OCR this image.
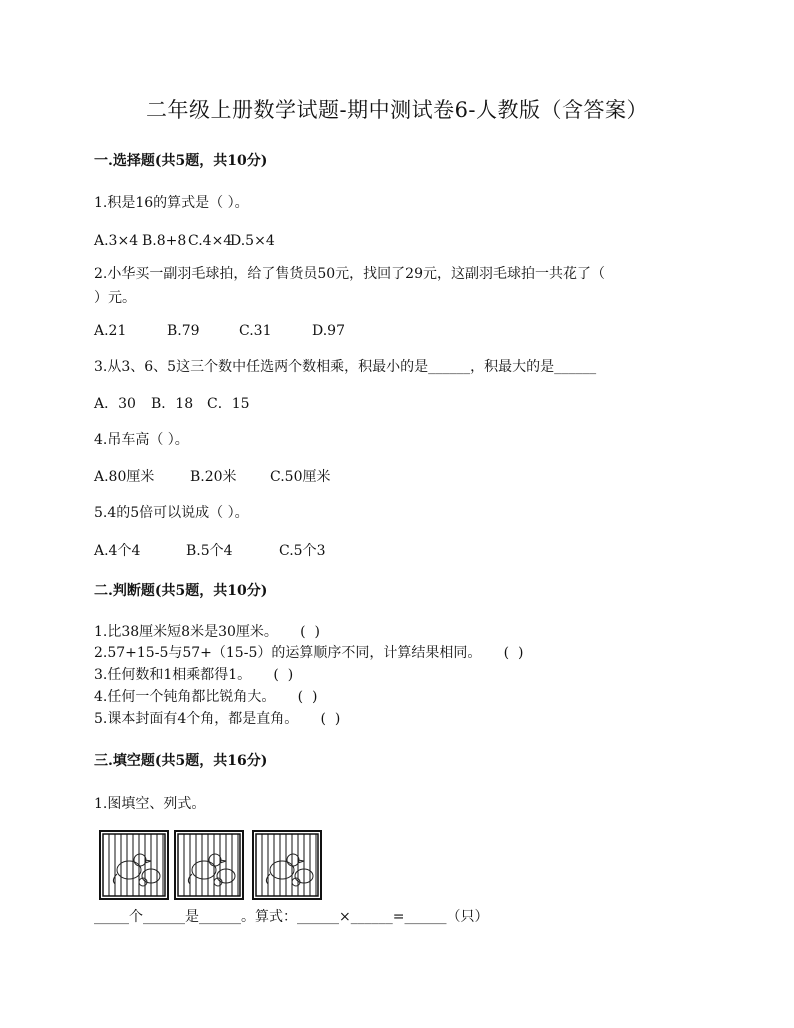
二年级上册数学试题-期中测试卷6-人教版（含答案）
一.选择题(共5题，共10分)
1.积是16的算式是（ ）。
A.3×4 B.8+8 C.4×4D.5×4
2.小华买一副羽毛球拍，给了售货员50元，找回了29元，这副羽毛球拍一共花了（
）元。
A.21	B.79	C.31	D.97
3.从3、6、5这三个数中任选两个数相乘，积最小的是______，积最大的是______
A．30 B．18 C．15
4.吊车高（ ）。
A.80厘米	B.20米 C.50厘米
5.4的5倍可以说成（ ）。
A.4个4	B.5个4	C.5个3
二.判断题(共5题，共10分)
1.比38厘米短8米是30厘米。     (  )
2.57+15-5与57+（15-5）的运算顺序不同，计算结果相同。     (  )
3.任何数和1相乘都得1。     (  )
4.任何一个钝角都比锐角大。     (  )
5.课本封面有4个角，都是直角。     (  )
三.填空题(共5题，共16分)
1.图填空、列式。
_____个______是______。算式：______×______=______（只）
